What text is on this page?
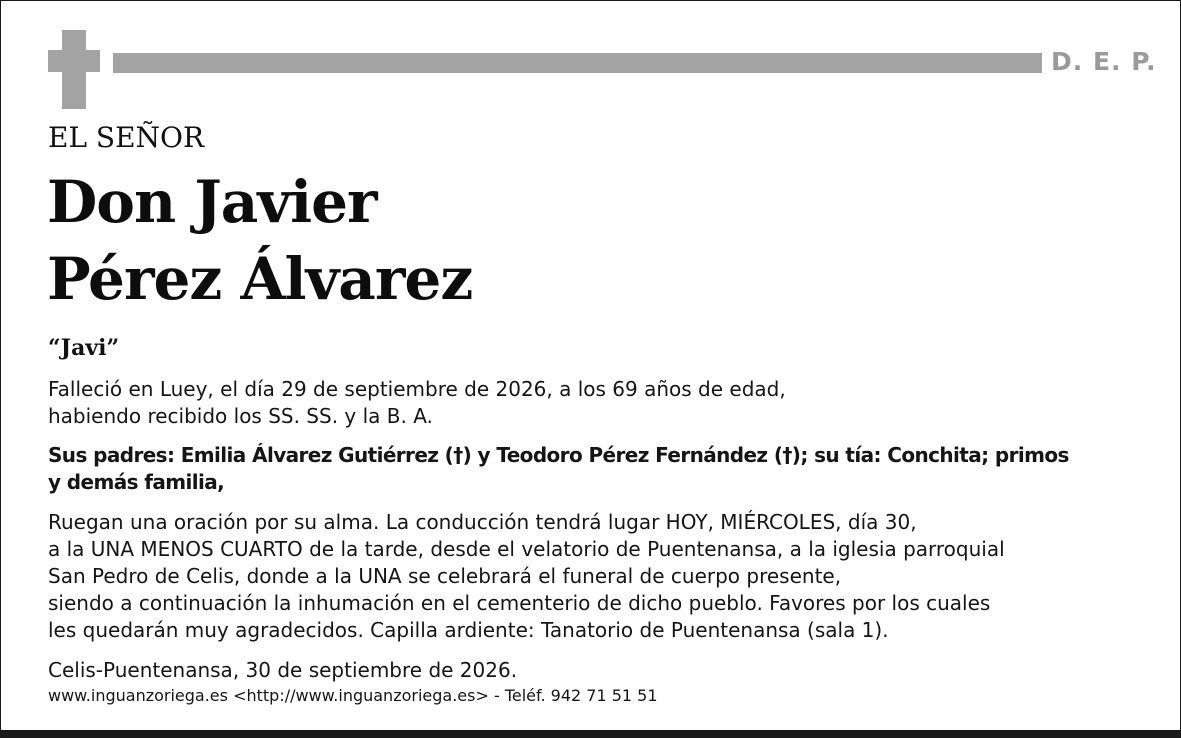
D. E. P.
EL SEÑOR
Don Javier
Pérez Álvarez
“Javi”
Falleció en Luey, el día 29 de septiembre de 2026, a los 69 años de edad,
habiendo recibido los SS. SS. y la B. A.
Sus padres: Emilia Álvarez Gutiérrez (†) y Teodoro Pérez Fernández (†); su tía: Conchita; primos
y demás familia,
Ruegan una oración por su alma. La conducción tendrá lugar HOY, MIÉRCOLES, día 30,
a la UNA MENOS CUARTO de la tarde, desde el velatorio de Puentenansa, a la iglesia parroquial
San Pedro de Celis, donde a la UNA se celebrará el funeral de cuerpo presente,
siendo a continuación la inhumación en el cementerio de dicho pueblo. Favores por los cuales
les quedarán muy agradecidos. Capilla ardiente: Tanatorio de Puentenansa (sala 1).
Celis-Puentenansa, 30 de septiembre de 2026.
www.inguanzoriega.es <http://www.inguanzoriega.es> - Teléf. 942 71 51 51
